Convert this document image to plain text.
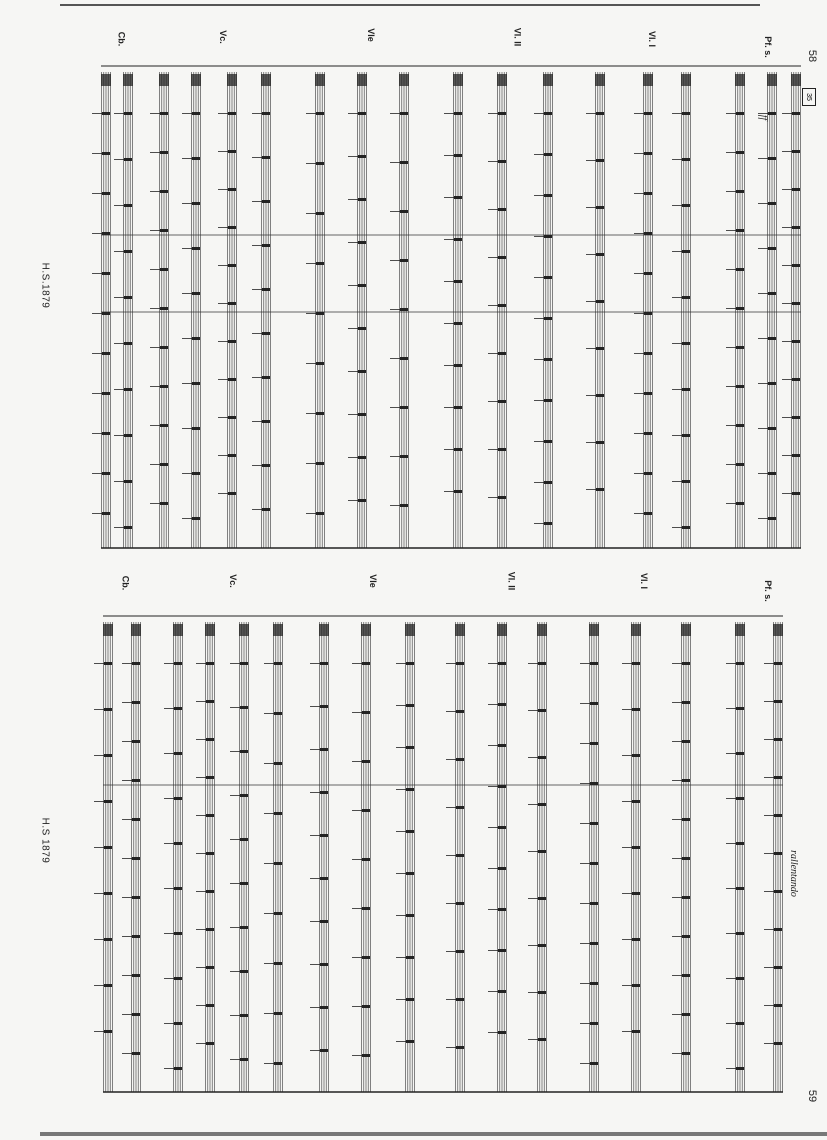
58
59
35
H.S.1879
H.S 1879
Pf. s.
Vl. I
Vl. II
Vle
Vc.
Cb.
ff
Pf. s.
Vl. I
Vl. II
Vle
Vc.
Cb.
rallentando
